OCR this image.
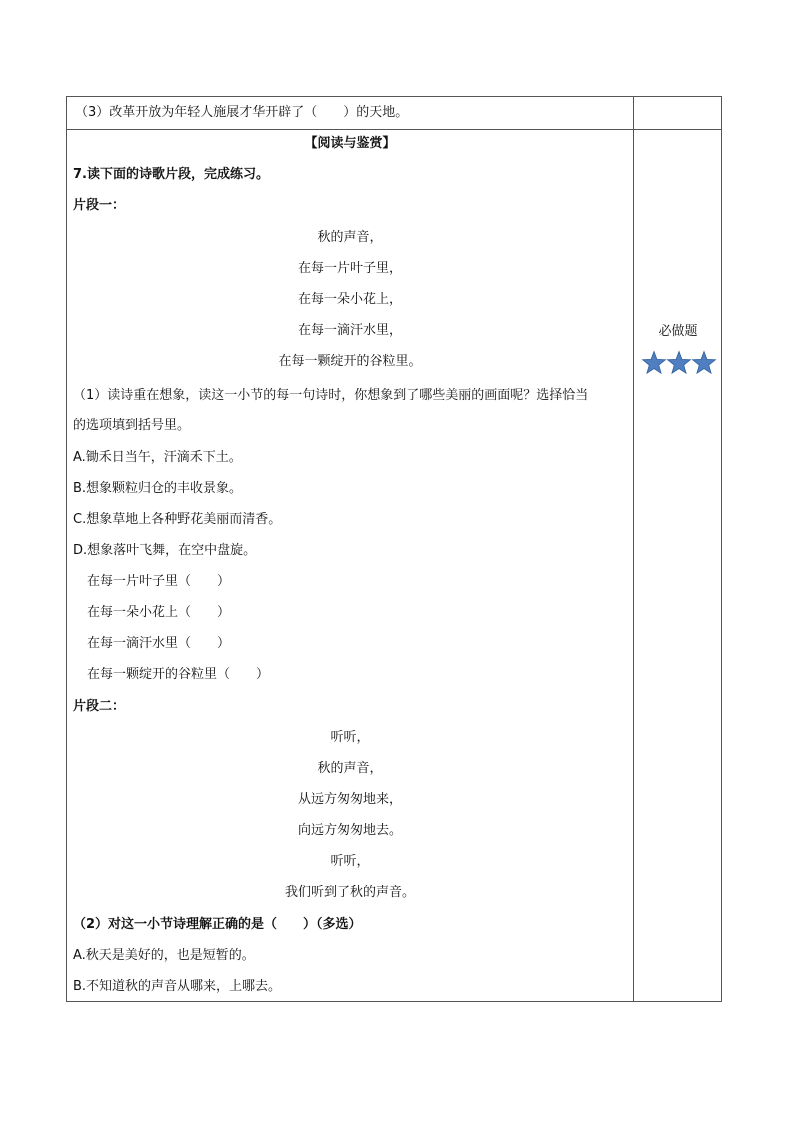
（3）改革开放为年轻人施展才华开辟了（　　）的天地。
【阅读与鉴赏】
7.读下面的诗歌片段，完成练习。
片段一：
秋的声音，
在每一片叶子里，
在每一朵小花上，
在每一滴汗水里，
在每一颗绽开的谷粒里。
（1）读诗重在想象，读这一小节的每一句诗时，你想象到了哪些美丽的画面呢？选择恰当
的选项填到括号里。
A.锄禾日当午，汗滴禾下土。
B.想象颗粒归仓的丰收景象。
C.想象草地上各种野花美丽而清香。
D.想象落叶飞舞，在空中盘旋。
在每一片叶子里（　　）
在每一朵小花上（　　）
在每一滴汗水里（　　）
在每一颗绽开的谷粒里（　　）
片段二：
听听，
秋的声音，
从远方匆匆地来，
向远方匆匆地去。
听听，
我们听到了秋的声音。
（2）对这一小节诗理解正确的是（　　）（多选）
A.秋天是美好的，也是短暂的。
B.不知道秋的声音从哪来，上哪去。
必做题
